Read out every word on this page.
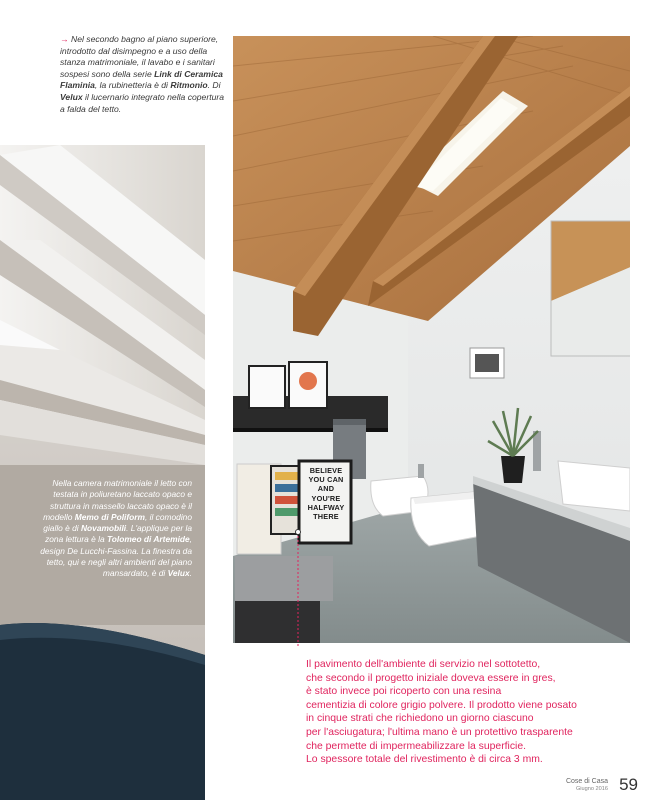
→ Nel secondo bagno al piano superiore, introdotto dal disimpegno e a uso della stanza matrimoniale, il lavabo e i sanitari sospesi sono della serie Link di Ceramica Flaminia, la rubinetteria è di Ritmonio. Di Velux il lucernario integrato nella copertura a falda del tetto.
Nella camera matrimoniale il letto con testata in poliuretano laccato opaco e struttura in massello laccato opaco è il modello Memo di Poliform, il comodino giallo è di Novamobili. L'applique per la zona lettura è la Tolomeo di Artemide, design De Lucchi-Fassina. La finestra da tetto, qui e negli altri ambienti del piano mansardato, è di Velux.
BELIEVE
YOU CAN
AND
YOU'RE
HALFWAY
THERE
Il pavimento dell'ambiente di servizio nel sottotetto,
che secondo il progetto iniziale doveva essere in gres,
è stato invece poi ricoperto con una resina
cementizia di colore grigio polvere. Il prodotto viene posato
in cinque strati che richiedono un giorno ciascuno
per l'asciugatura; l'ultima mano è un protettivo trasparente
che permette di impermeabilizzare la superficie.
Lo spessore totale del rivestimento è di circa 3 mm.
Cose di Casa
Giugno 2016 59
